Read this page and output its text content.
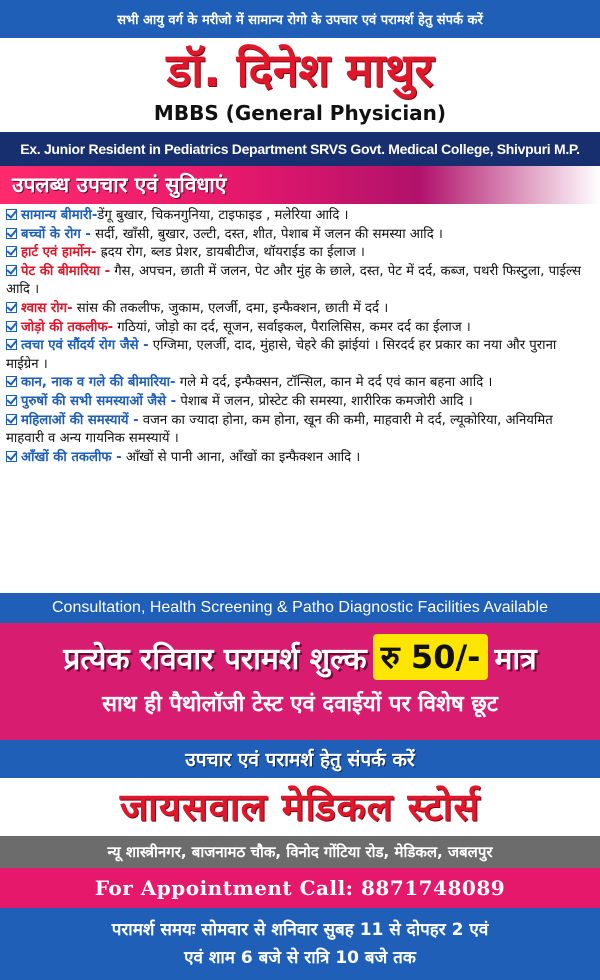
सभी आयु वर्ग के मरीजो में सामान्य रोगो के उपचार एवं परामर्श हेतु संपर्क करें
डॉ. दिनेश माथुर
MBBS (General Physician)
Ex. Junior Resident in Pediatrics Department SRVS Govt. Medical College, Shivpuri M.P.
उपलब्ध उपचार एवं सुविधाएं
सामान्य बीमारी-डेंगू बुखार, चिकनगुनिया, टाइफाइड , मलेरिया आदि ।
बच्चों के रोग - सर्दी, खाँसी, बुखार, उल्टी, दस्त, शीत, पेशाब में जलन की समस्या आदि ।
हार्ट एवं हार्मोन- ह्रदय रोग, ब्लड प्रेशर, डायबीटीज, थॉयराईड का ईलाज ।
पेट की बीमारिया - गैस, अपचन, छाती में जलन, पेट और मुंह के छाले, दस्त, पेट में दर्द, कब्ज, पथरी फिस्टुला, पाईल्स आदि ।
श्वास रोग- सांस की तकलीफ, जुकाम, एलर्जी, दमा, इन्फैक्शन, छाती में दर्द ।
जोड़ो की तकलीफ- गठियां, जोड़ो का दर्द, सूजन, सर्वाइकल, पैरालिसिस, कमर दर्द का ईलाज ।
त्वचा एवं सौंदर्य रोग जैसे - एग्जिमा, एलर्जी, दाद, मुंहासे, चेहरे की झांईयां । सिरदर्द हर प्रकार का नया और पुराना माईग्रेन ।
कान, नाक व गले की बीमारिया- गले मे दर्द, इन्फैक्सन, टॉन्सिल, कान मे दर्द एवं कान बहना आदि ।
पुरुषों की सभी समस्याओं जैसे - पेशाब में जलन, प्रोस्टेट की समस्या, शारीरिक कमजोरी आदि ।
महिलाओं की समस्यायें - वजन का ज्यादा होना, कम होना, खून की कमी, माहवारी मे दर्द, ल्यूकोरिया, अनियमित माहवारी व अन्य गायनिक समस्यायें ।
आँखों की तकलीफ - आँखों से पानी आना, आँखों का इन्फैक्शन आदि ।
Consultation, Health Screening & Patho Diagnostic Facilities Available
प्रत्येक रविवार परामर्श शुल्क रु 50/- मात्र
साथ ही पैथोलॉजी टेस्ट एवं दवाईयों पर विशेष छूट
उपचार एवं परामर्श हेतु संपर्क करें
जायसवाल मेडिकल स्टोर्स
न्यू शास्त्रीनगर, बाजनामठ चौक, विनोद गोंटिया रोड, मेडिकल, जबलपुर
For Appointment Call: 8871748089
परामर्श समयः सोमवार से शनिवार सुबह 11 से दोपहर 2 एवं
एवं शाम 6 बजे से रात्रि 10 बजे तक
